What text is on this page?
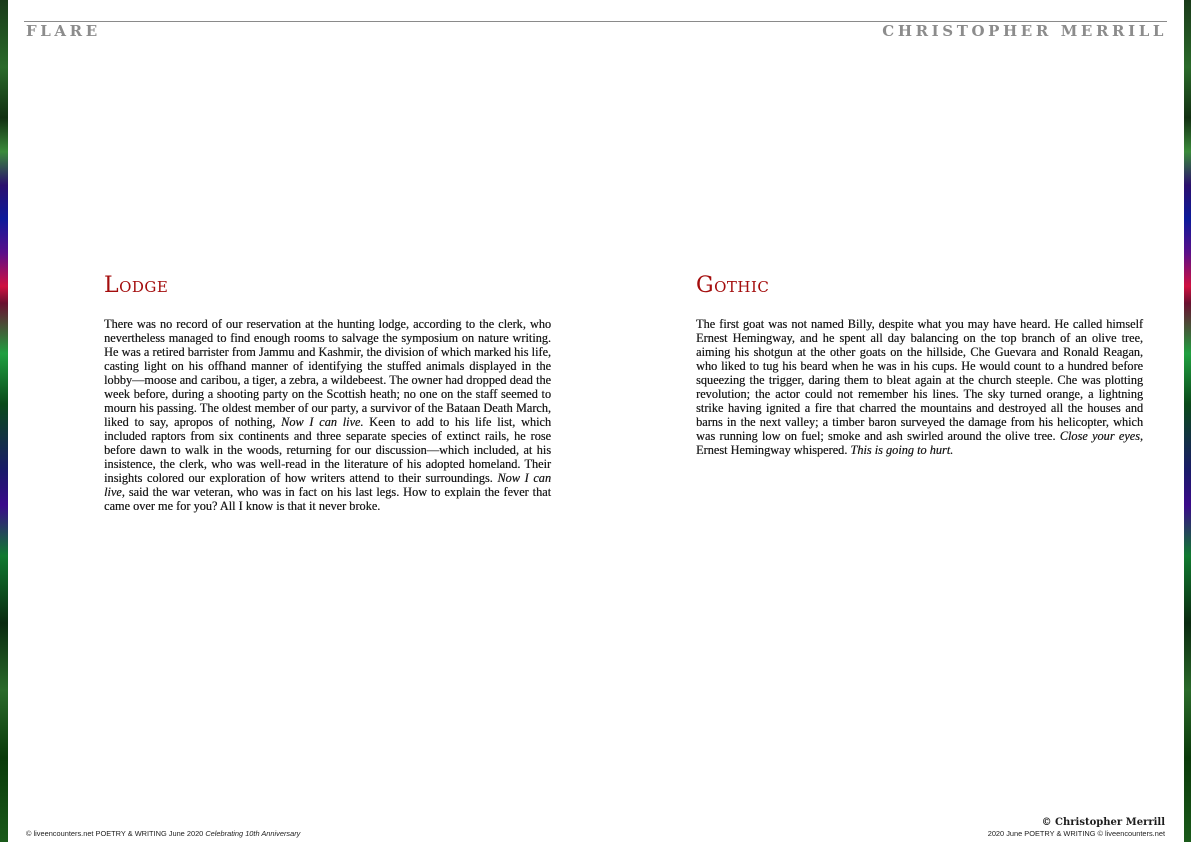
FLARE	CHRISTOPHER MERRILL
Lodge

There was no record of our reservation at the hunting lodge, according to the clerk, who nevertheless managed to find enough rooms to salvage the symposium on nature writing. He was a retired barrister from Jammu and Kashmir, the division of which marked his life, casting light on his offhand manner of identifying the stuffed animals displayed in the lobby—moose and caribou, a tiger, a zebra, a wildebeest. The owner had dropped dead the week before, during a shooting party on the Scottish heath; no one on the staff seemed to mourn his passing. The oldest member of our party, a survivor of the Bataan Death March, liked to say, apropos of nothing, Now I can live. Keen to add to his life list, which included raptors from six continents and three separate species of extinct rails, he rose before dawn to walk in the woods, returning for our discussion—which included, at his insistence, the clerk, who was well-read in the literature of his adopted homeland. Their insights colored our exploration of how writers attend to their surroundings. Now I can live, said the war veteran, who was in fact on his last legs. How to explain the fever that came over me for you? All I know is that it never broke.

Gothic

The first goat was not named Billy, despite what you may have heard. He called himself Ernest Hemingway, and he spent all day balancing on the top branch of an olive tree, aiming his shotgun at the other goats on the hillside, Che Guevara and Ronald Reagan, who liked to tug his beard when he was in his cups. He would count to a hundred before squeezing the trigger, daring them to bleat again at the church steeple. Che was plotting revolution; the actor could not remember his lines. The sky turned orange, a lightning strike having ignited a fire that charred the mountains and destroyed all the houses and barns in the next valley; a timber baron surveyed the damage from his helicopter, which was running low on fuel; smoke and ash swirled around the olive tree. Close your eyes, Ernest Hemingway whispered. This is going to hurt.

© liveencounters.net POETRY & WRITING June 2020 Celebrating 10th Anniversary
© Christopher Merrill
2020 June POETRY & WRITING © liveencounters.net
